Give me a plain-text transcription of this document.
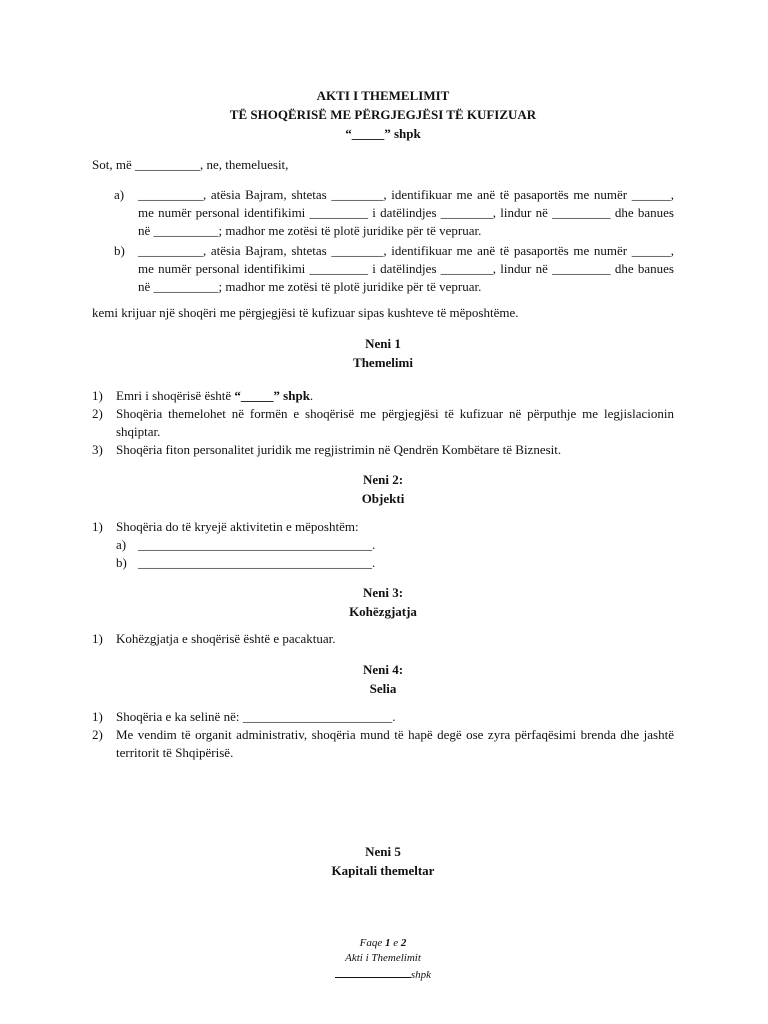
AKTI I THEMELIMIT
TË SHOQËRISË ME PËRGJEGJËSI TË KUFIZUAR
“_____” shpk
Sot, më __________, ne, themeluesit,
a) __________, atësia Bajram, shtetas ________, identifikuar me anë të pasaportës me numër ______, me numër personal identifikimi _________ i datëlindjes ________, lindur në _________ dhe banues në __________; madhor me zotësi të plotë juridike për të vepruar.
b) __________, atësia Bajram, shtetas ________, identifikuar me anë të pasaportës me numër ______, me numër personal identifikimi _________ i datëlindjes ________, lindur në _________ dhe banues në __________; madhor me zotësi të plotë juridike për të vepruar.
kemi krijuar një shoqëri me përgjegjësi të kufizuar sipas kushteve të mëposhtëme.
Neni 1
Themelimi
1) Emri i shoqërisë është “_____” shpk.
2) Shoqëria themelohet në formën e shoqërisë me përgjegjësi të kufizuar në përputhje me legjislacionin shqiptar.
3) Shoqëria fiton personalitet juridik me regjistrimin në Qendrën Kombëtare të Biznesit.
Neni 2:
Objekti
1) Shoqëria do të kryejë aktivitetin e mëposhtëm:
a) ____________________________________.
b) ____________________________________.
Neni 3:
Kohëzgjatja
1) Kohëzgjatja e shoqërisë është e pacaktuar.
Neni 4:
Selia
1) Shoqëria e ka selinë në: _______________________.
2) Me vendim të organit administrativ, shoqëria mund të hapë degë ose zyra përfaqësimi brenda dhe jashtë territorit të Shqipërisë.
Neni 5
Kapitali themeltar
Faqe 1 e 2
Akti i Themelimit
shpk
